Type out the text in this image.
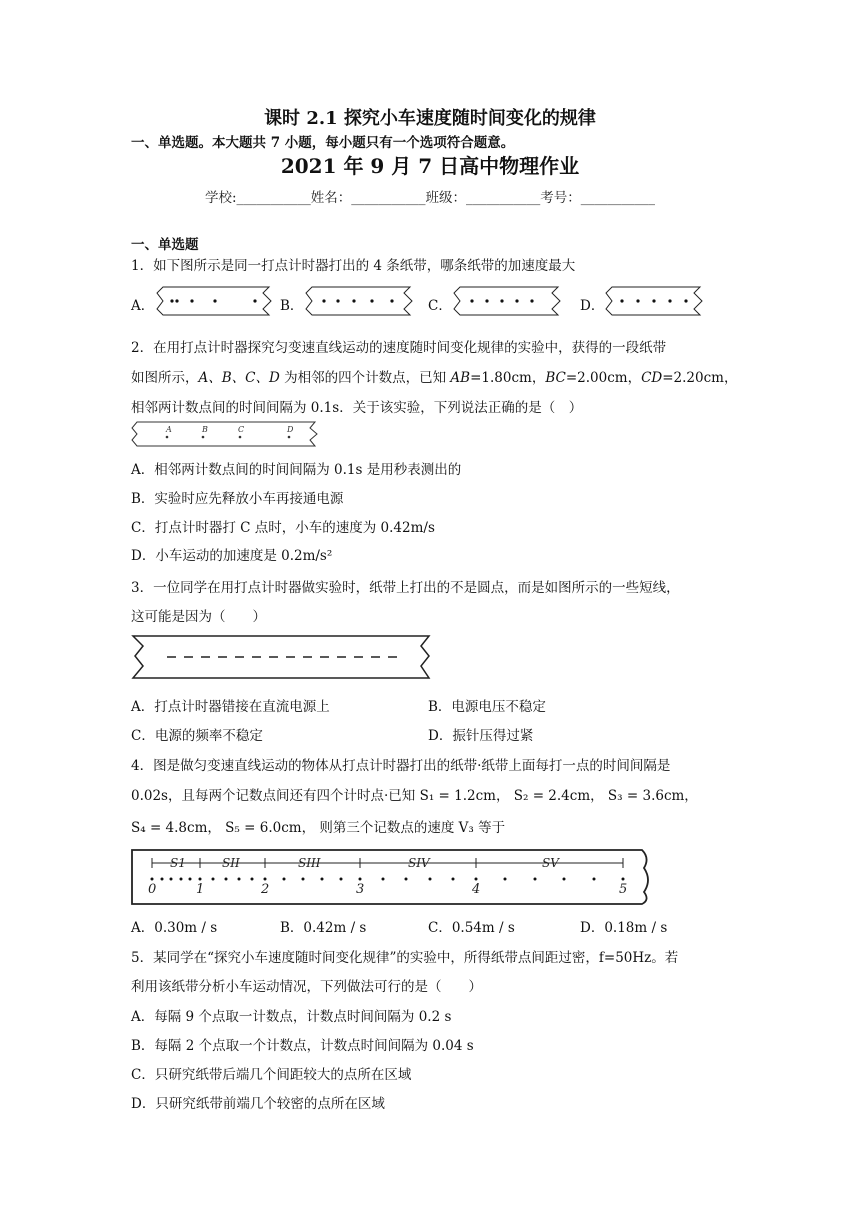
课时 2.1 探究小车速度随时间变化的规律
一、单选题。本大题共 7 小题，每小题只有一个选项符合题意。
2021 年 9 月 7 日高中物理作业
学校:___________姓名：___________班级：___________考号：___________
一、单选题
1．如下图所示是同一打点计时器打出的 4 条纸带，哪条纸带的加速度最大
A．	B．	C．	D．
2．在用打点计时器探究匀变速直线运动的速度随时间变化规律的实验中，获得的一段纸带
如图所示，A、B、C、D 为相邻的四个计数点，已知 AB=1.80cm，BC=2.00cm，CD=2.20cm，
相邻两计数点间的时间间隔为 0.1s．关于该实验，下列说法正确的是（　）
A	B	C	D
A．相邻两计数点间的时间间隔为 0.1s 是用秒表测出的
B．实验时应先释放小车再接通电源
C．打点计时器打 C 点时，小车的速度为 0.42m/s
D．小车运动的加速度是 0.2m/s²
3．一位同学在用打点计时器做实验时，纸带上打出的不是圆点，而是如图所示的一些短线，
这可能是因为（　　）
A．打点计时器错接在直流电源上	B．电源电压不稳定
C．电源的频率不稳定	D．振针压得过紧
4．图是做匀变速直线运动的物体从打点计时器打出的纸带·纸带上面每打一点的时间间隔是
0.02s，且每两个记数点间还有四个计时点·已知 S₁ = 1.2cm， S₂ = 2.4cm， S₃ = 3.6cm，
S₄ = 4.8cm， S₅ = 6.0cm， 则第三个记数点的速度 V₃ 等于
S1	SII	SIII	SIV	SV
0	1	2	3	4	5
A．0.30m / s	B．0.42m / s	C．0.54m / s	D．0.18m / s
5．某同学在“探究小车速度随时间变化规律”的实验中，所得纸带点间距过密，f=50Hz。若
利用该纸带分析小车运动情况，下列做法可行的是（　　）
A．每隔 9 个点取一计数点，计数点时间间隔为 0.2 s
B．每隔 2 个点取一个计数点，计数点时间间隔为 0.04 s
C．只研究纸带后端几个间距较大的点所在区域
D．只研究纸带前端几个较密的点所在区域
